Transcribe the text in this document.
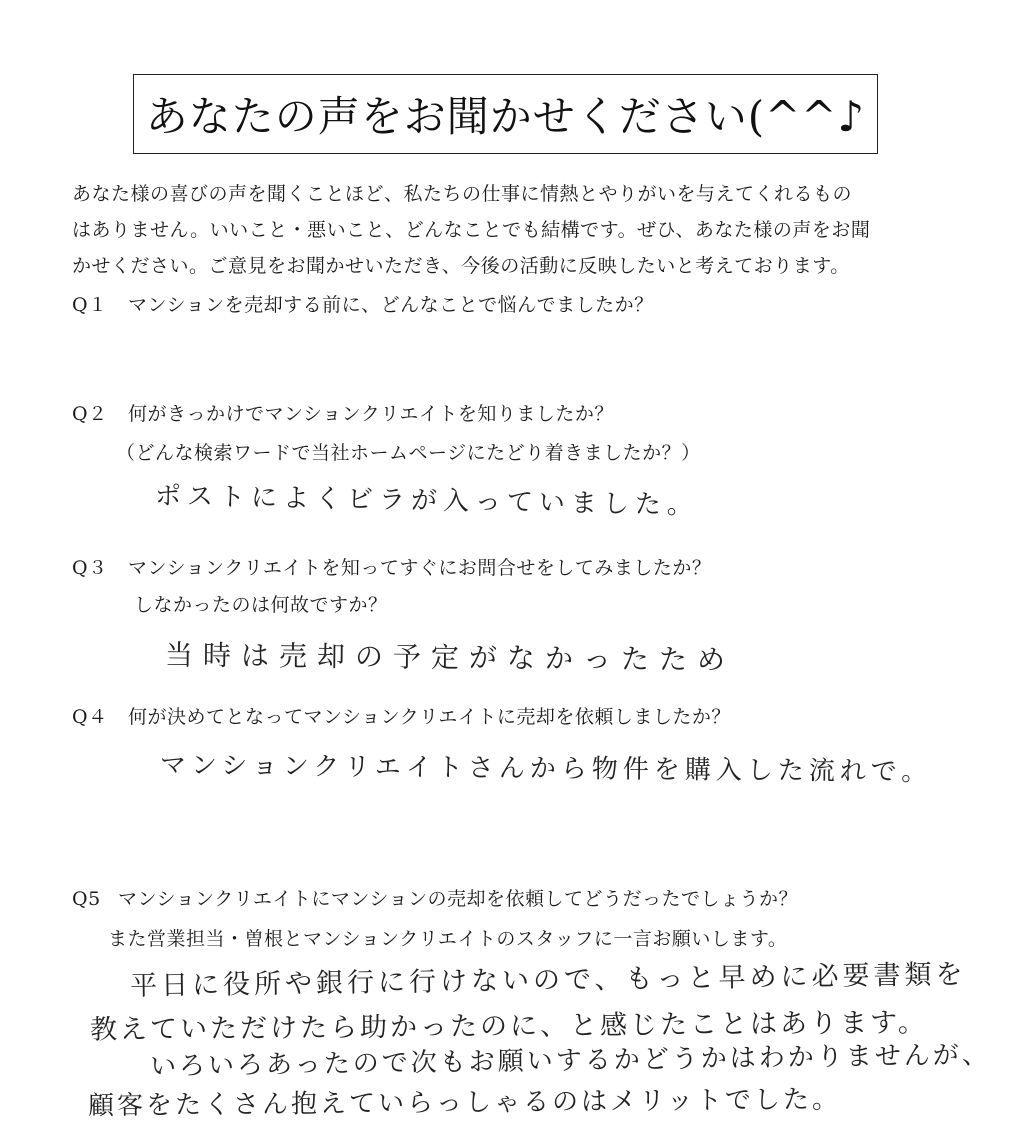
あなたの声をお聞かせください(^^♪
あなた様の喜びの声を聞くことほど、私たちの仕事に情熱とやりがいを与えてくれるもの
はありません。いいこと・悪いこと、どんなことでも結構です。ぜひ、あなた様の声をお聞
かせください。ご意見をお聞かせいただき、今後の活動に反映したいと考えております。
Q１ マンションを売却する前に、どんなことで悩んでましたか？
Q２ 何がきっかけでマンションクリエイトを知りましたか？
（どんな検索ワードで当社ホームページにたどり着きましたか？）
ポストによくビラが入っていました。
Q３ マンションクリエイトを知ってすぐにお問合せをしてみましたか？
しなかったのは何故ですか？
当時は売却の予定がなかったため
Q４ 何が決めてとなってマンションクリエイトに売却を依頼しましたか？
マンションクリエイトさんから物件を購入した流れで。
Q5 マンションクリエイトにマンションの売却を依頼してどうだったでしょうか？
また営業担当・曽根とマンションクリエイトのスタッフに一言お願いします。
平日に役所や銀行に行けないので、もっと早めに必要書類を
教えていただけたら助かったのに、と感じたことはあります。
いろいろあったので次もお願いするかどうかはわかりませんが、
顧客をたくさん抱えていらっしゃるのはメリットでした。
